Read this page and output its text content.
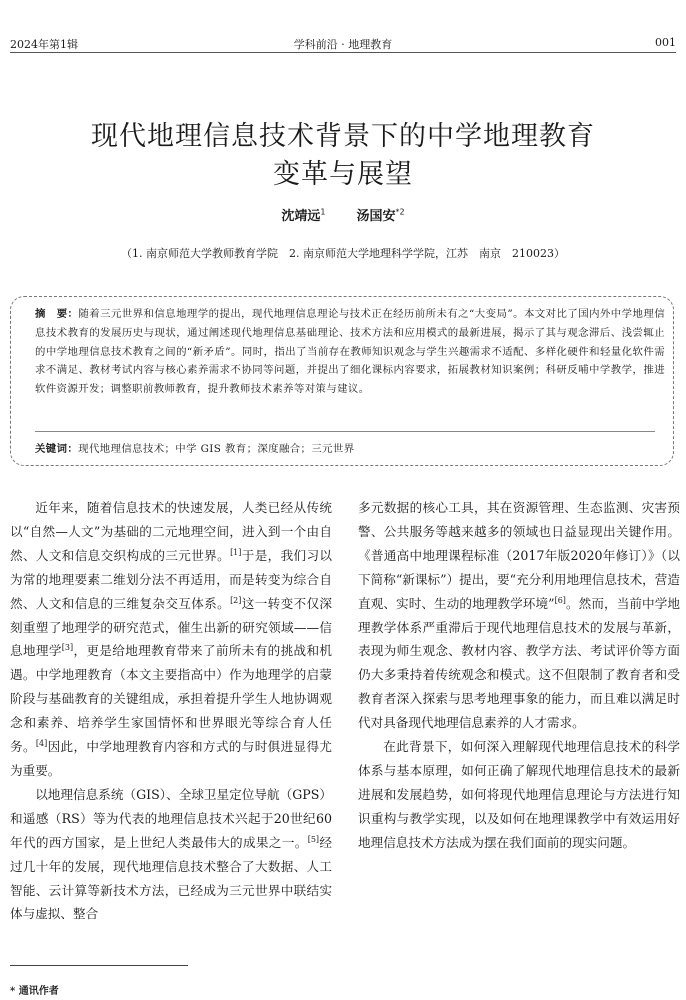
2024年第1辑	学科前沿 · 地理教育	001
现代地理信息技术背景下的中学地理教育
变革与展望
沈靖远$^1$ 汤国安$^{*2}$
（1. 南京师范大学教师教育学院　2. 南京师范大学地理科学学院，江苏　南京　210023）
摘　要：随着三元世界和信息地理学的提出，现代地理信息理论与技术正在经历前所未有之“大变局”。本文对比了国内外中学地理信息技术教育的发展历史与现状，通过阐述现代地理信息基础理论、技术方法和应用模式的最新进展，揭示了其与观念滞后、浅尝辄止的中学地理信息技术教育之间的“新矛盾”。同时，指出了当前存在教师知识观念与学生兴趣需求不适配、多样化硬件和轻量化软件需求不满足、教材考试内容与核心素养需求不协同等问题，并提出了细化课标内容要求，拓展教材知识案例；科研反哺中学教学，推进软件资源开发；调整职前教师教育，提升教师技术素养等对策与建议。
关键词：现代地理信息技术；中学 GIS 教育；深度融合；三元世界

近年来，随着信息技术的快速发展，人类已经从传统以“自然—人文”为基础的二元地理空间，进入到一个由自然、人文和信息交织构成的三元世界。[1]于是，我们习以为常的地理要素二维划分法不再适用，而是转变为综合自然、人文和信息的三维复杂交互体系。[2]这一转变不仅深刻重塑了地理学的研究范式，催生出新的研究领域——信息地理学[3]，更是给地理教育带来了前所未有的挑战和机遇。中学地理教育（本文主要指高中）作为地理学的启蒙阶段与基础教育的关键组成，承担着提升学生人地协调观念和素养、培养学生家国情怀和世界眼光等综合育人任务。[4]因此，中学地理教育内容和方式的与时俱进显得尤为重要。

以地理信息系统（GIS）、全球卫星定位导航（GPS）和遥感（RS）等为代表的地理信息技术兴起于20世纪60年代的西方国家，是上世纪人类最伟大的成果之一。[5]经过几十年的发展，现代地理信息技术整合了大数据、人工智能、云计算等新技术方法，已经成为三元世界中联结实体与虚拟、整合

多元数据的核心工具，其在资源管理、生态监测、灾害预警、公共服务等越来越多的领域也日益显现出关键作用。《普通高中地理课程标准（2017年版2020年修订）》（以下简称“新课标”）提出，要“充分利用地理信息技术，营造直观、实时、生动的地理教学环境”[6]。然而，当前中学地理教学体系严重滞后于现代地理信息技术的发展与革新，表现为师生观念、教材内容、教学方法、考试评价等方面仍大多秉持着传统观念和模式。这不但限制了教育者和受教育者深入探索与思考地理事象的能力，而且难以满足时代对具备现代地理信息素养的人才需求。

在此背景下，如何深入理解现代地理信息技术的科学体系与基本原理，如何正确了解现代地理信息技术的最新进展和发展趋势，如何将现代地理信息理论与方法进行知识重构与教学实现，以及如何在地理课教学中有效运用好地理信息技术方法成为摆在我们面前的现实问题。

* 通讯作者
